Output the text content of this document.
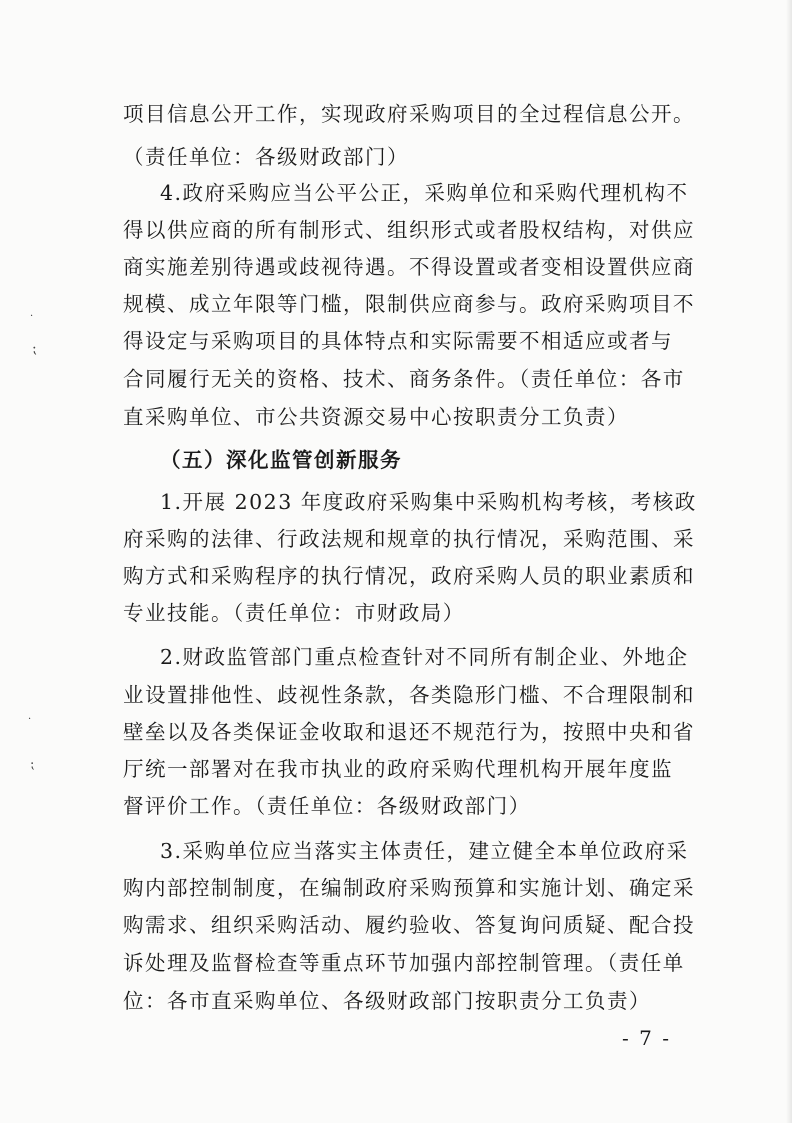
项目信息公开工作，实现政府采购项目的全过程信息公开。
（责任单位：各级财政部门）
4.政府采购应当公平公正，采购单位和采购代理机构不
得以供应商的所有制形式、组织形式或者股权结构，对供应
商实施差别待遇或歧视待遇。不得设置或者变相设置供应商
规模、成立年限等门槛，限制供应商参与。政府采购项目不
得设定与采购项目的具体特点和实际需要不相适应或者与
合同履行无关的资格、技术、商务条件。（责任单位：各市
直采购单位、市公共资源交易中心按职责分工负责）
（五）深化监管创新服务
1.开展 2023 年度政府采购集中采购机构考核，考核政
府采购的法律、行政法规和规章的执行情况，采购范围、采
购方式和采购程序的执行情况，政府采购人员的职业素质和
专业技能。（责任单位：市财政局）
2.财政监管部门重点检查针对不同所有制企业、外地企
业设置排他性、歧视性条款，各类隐形门槛、不合理限制和
壁垒以及各类保证金收取和退还不规范行为，按照中央和省
厅统一部署对在我市执业的政府采购代理机构开展年度监
督评价工作。（责任单位：各级财政部门）
3.采购单位应当落实主体责任，建立健全本单位政府采
购内部控制制度，在编制政府采购预算和实施计划、确定采
购需求、组织采购活动、履约验收、答复询问质疑、配合投
诉处理及监督检查等重点环节加强内部控制管理。（责任单
位：各市直采购单位、各级财政部门按职责分工负责）
- 7 -
·
⁏
·
⁏
